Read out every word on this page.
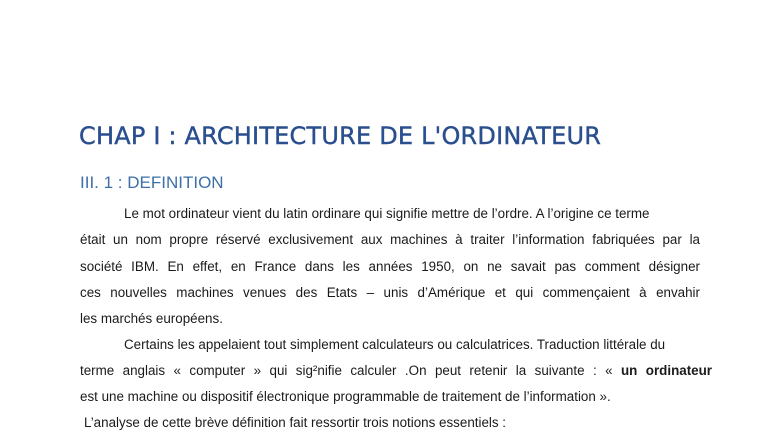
CHAP I : ARCHITECTURE DE L'ORDINATEUR
III. 1 : DEFINITION

Le mot ordinateur vient du latin ordinare qui signifie mettre de l’ordre. A l’origine ce terme

était un nom propre réservé exclusivement aux machines à traiter l’information fabriquées par la

société IBM. En effet, en France dans les années 1950, on ne savait pas comment désigner

ces nouvelles machines venues des Etats – unis d’Amérique et qui commençaient à envahir

les marchés européens.

Certains les appelaient tout simplement calculateurs ou calculatrices. Traduction littérale du

terme anglais « computer » qui sig²nifie calculer .On peut retenir la suivante : « un ordinateur

est une machine ou dispositif électronique programmable de traitement de l’information ».

L’analyse de cette brève définition fait ressortir trois notions essentiels :
